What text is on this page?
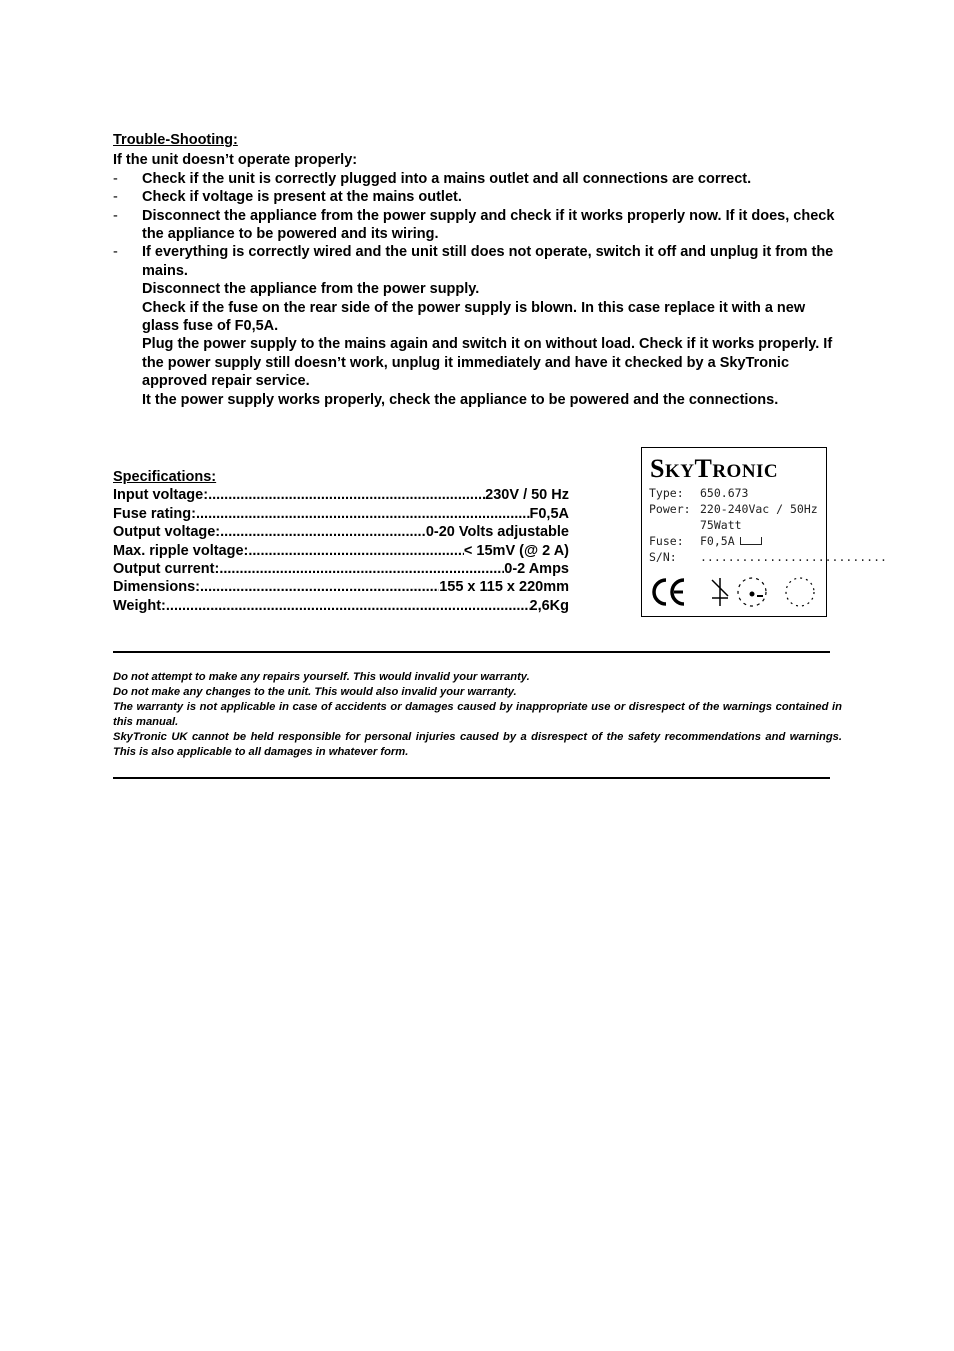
Trouble-Shooting:

If the unit doesn’t operate properly:

- Check if the unit is correctly plugged into a mains outlet and all connections are correct.
- Check if voltage is present at the mains outlet.
- Disconnect the appliance from the power supply and check if it works properly now. If it does, check the appliance to be powered and its wiring.
- If everything is correctly wired and the unit still does not operate, switch it off and unplug it from the mains.
Disconnect the appliance from the power supply.
Check if the fuse on the rear side of the power supply is blown. In this case replace it with a new glass fuse of F0,5A.
Plug the power supply to the mains again and switch it on without load. Check if it works properly. If the power supply still doesn’t work, unplug it immediately and have it checked by a SkyTronic approved repair service.
It the power supply works properly, check the appliance to be powered and the connections.

Specifications:

Input voltage: .....	230V / 50 Hz
Fuse rating: .....	F0,5A
Output voltage: .....	0-20 Volts adjustable
Max. ripple voltage: .....	< 15mV (@ 2 A)
Output current: .....	0-2 Amps
Dimensions: .....	155 x 115 x 220mm
Weight: .....	2,6Kg
SKYTRONIC
Type:	650.673
Power: 220-240Vac / 50Hz
75Watt
Fuse:	F0,5A
S/N:	...........................

Do not attempt to make any repairs yourself. This would invalid your warranty.

Do not make any changes to the unit. This would also invalid your warranty.

The warranty is not applicable in case of accidents or damages caused by inappropriate use or disrespect of the warnings contained in this manual.

SkyTronic UK cannot be held responsible for personal injuries caused by a disrespect of the safety recommendations and warnings. This is also applicable to all damages in whatever form.
